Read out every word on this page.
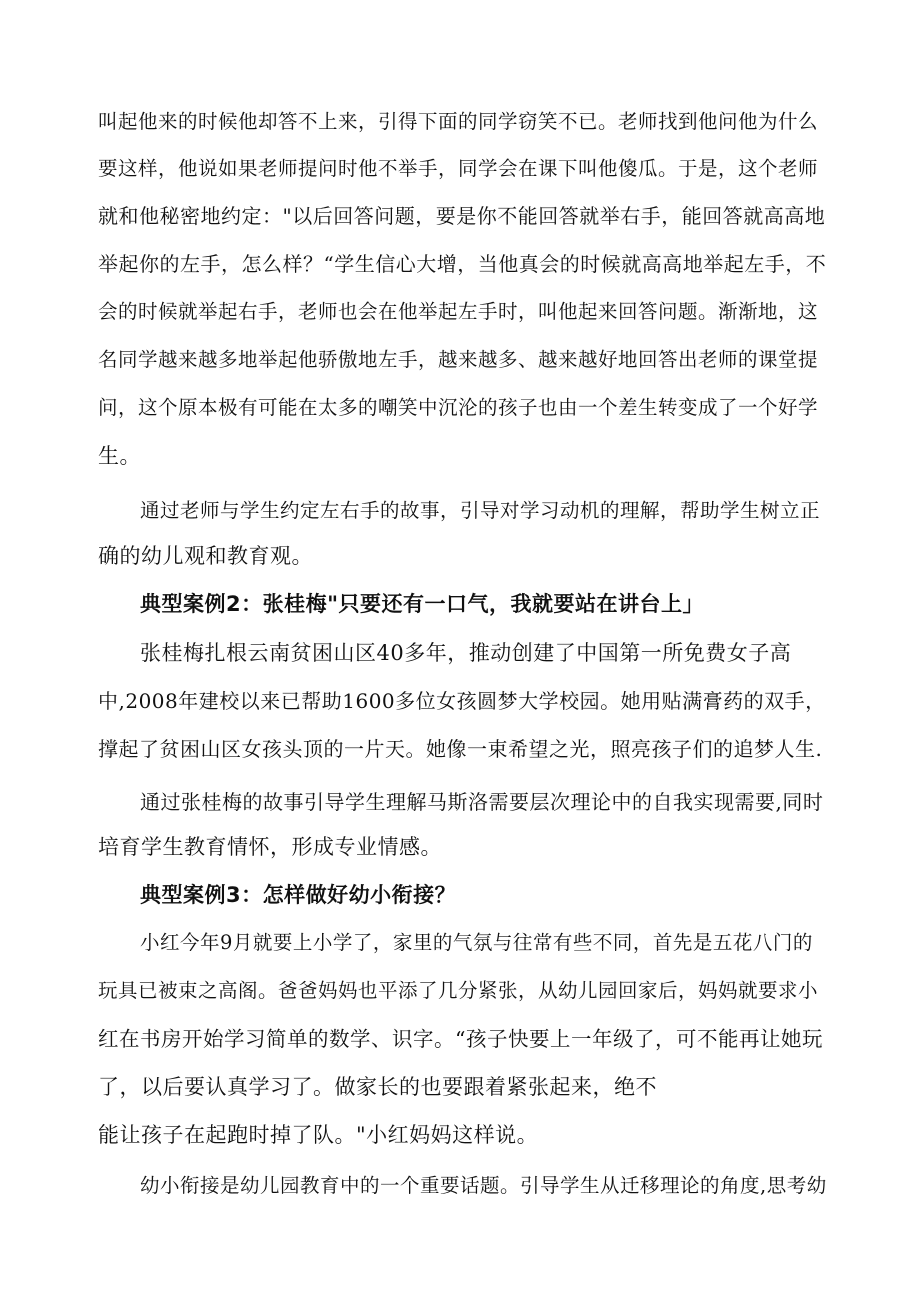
叫起他来的时候他却答不上来，引得下面的同学窃笑不已。老师找到他问他为什么
要这样，他说如果老师提问时他不举手，同学会在课下叫他傻瓜。于是，这个老师
就和他秘密地约定："以后回答问题，要是你不能回答就举右手，能回答就高高地
举起你的左手，怎么样？“学生信心大增，当他真会的时候就高高地举起左手，不
会的时候就举起右手，老师也会在他举起左手时，叫他起来回答问题。渐渐地，这
名同学越来越多地举起他骄傲地左手，越来越多、越来越好地回答出老师的课堂提
问，这个原本极有可能在太多的嘲笑中沉沦的孩子也由一个差生转变成了一个好学
生。
通过老师与学生约定左右手的故事，引导对学习动机的理解，帮助学生树立正
确的幼儿观和教育观。
典型案例2：张桂梅"只要还有一口气，我就要站在讲台上」
张桂梅扎根云南贫困山区40多年，推动创建了中国第一所免费女子高
中,2008年建校以来已帮助1600多位女孩圆梦大学校园。她用贴满膏药的双手，
撑起了贫困山区女孩头顶的一片天。她像一束希望之光，照亮孩子们的追梦人生.
通过张桂梅的故事引导学生理解马斯洛需要层次理论中的自我实现需要,同时
培育学生教育情怀，形成专业情感。
典型案例3：怎样做好幼小衔接？
小红今年9月就要上小学了，家里的气氛与往常有些不同，首先是五花八门的
玩具已被束之高阁。爸爸妈妈也平添了几分紧张，从幼儿园回家后，妈妈就要求小
红在书房开始学习简单的数学、识字。“孩子快要上一年级了，可不能再让她玩
了，以后要认真学习了。做家长的也要跟着紧张起来，绝不
能让孩子在起跑时掉了队。"小红妈妈这样说。
幼小衔接是幼儿园教育中的一个重要话题。引导学生从迁移理论的角度,思考幼
